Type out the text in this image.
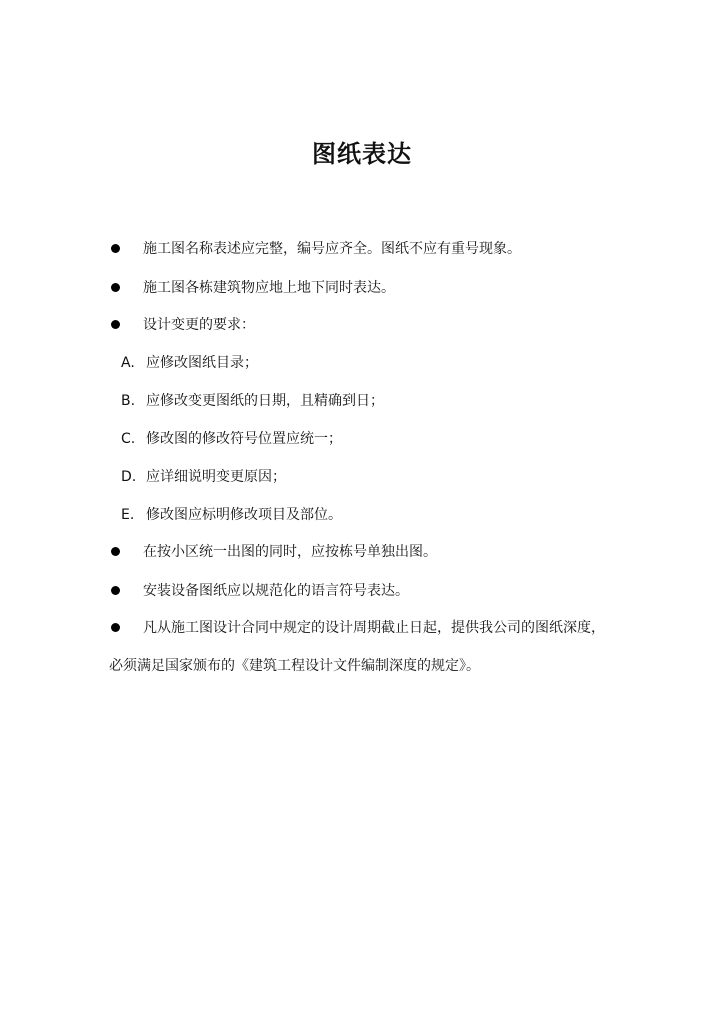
图纸表达
施工图名称表述应完整，编号应齐全。图纸不应有重号现象。
施工图各栋建筑物应地上地下同时表达。
设计变更的要求：
A. 应修改图纸目录；
B. 应修改变更图纸的日期，且精确到日；
C. 修改图的修改符号位置应统一；
D. 应详细说明变更原因；
E. 修改图应标明修改项目及部位。
在按小区统一出图的同时，应按栋号单独出图。
安装设备图纸应以规范化的语言符号表达。
凡从施工图设计合同中规定的设计周期截止日起，提供我公司的图纸深度，
必须满足国家颁布的《建筑工程设计文件编制深度的规定》。
